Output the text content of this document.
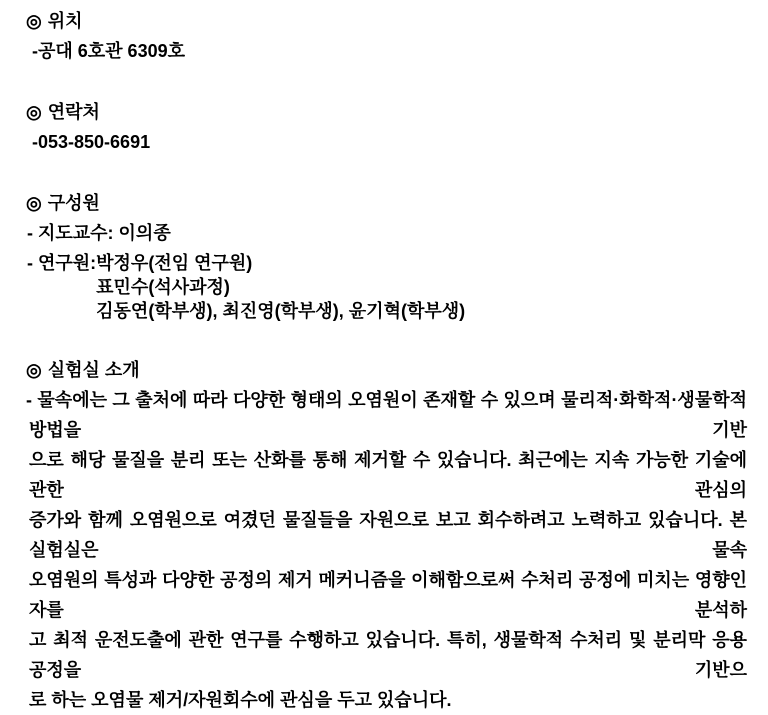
◎ 위치
-공대 6호관 6309호
◎ 연락처
-053-850-6691
◎ 구성원
- 지도교수: 이의종
- 연구원: 박정우(전임 연구원)
표민수(석사과정)
김동연(학부생), 최진영(학부생), 윤기혁(학부생)
◎ 실험실 소개
- 물속에는 그 출처에 따라 다양한 형태의 오염원이 존재할 수 있으며 물리적·화학적·생물학적 방법을 기반
으로 해당 물질을 분리 또는 산화를 통해 제거할 수 있습니다. 최근에는 지속 가능한 기술에 관한 관심의
증가와 함께 오염원으로 여겼던 물질들을 자원으로 보고 회수하려고 노력하고 있습니다. 본 실험실은 물속
오염원의 특성과 다양한 공정의 제거 메커니즘을 이해함으로써 수처리 공정에 미치는 영향인자를 분석하
고 최적 운전도출에 관한 연구를 수행하고 있습니다. 특히, 생물학적 수처리 및 분리막 응용 공정을 기반으
로 하는 오염물 제거/자원회수에 관심을 두고 있습니다.
